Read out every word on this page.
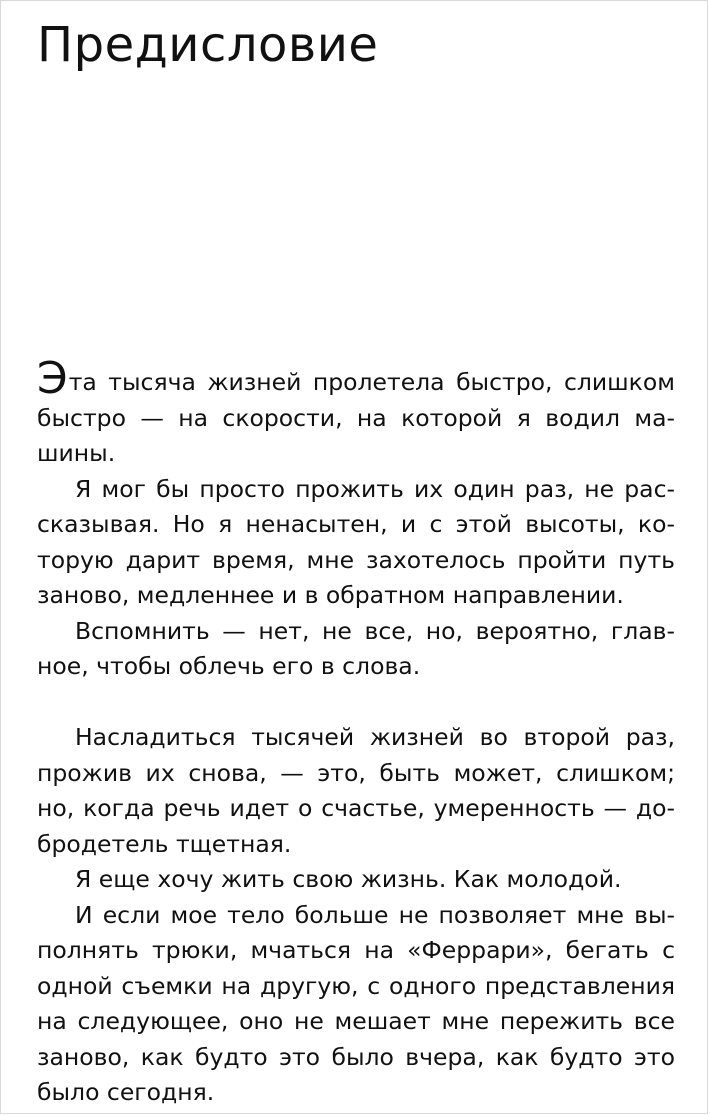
Предисловие

Эта тысяча жизней пролетела быстро, слишком быстро — на скорости, на которой я водил машины.

Я мог бы просто прожить их один раз, не рассказывая. Но я ненасытен, и с этой высоты, которую дарит время, мне захотелось пройти путь заново, медленнее и в обратном направлении.

Вспомнить — нет, не все, но, вероятно, главное, чтобы облечь его в слова.

Насладиться тысячей жизней во второй раз, прожив их снова, — это, быть может, слишком; но, когда речь идет о счастье, умеренность — добродетель тщетная.

Я еще хочу жить свою жизнь. Как молодой.

И если мое тело больше не позволяет мне выполнять трюки, мчаться на «Феррари», бегать с одной съемки на другую, с одного представления на следующее, оно не мешает мне пережить все заново, как будто это было вчера, как будто это было сегодня.
